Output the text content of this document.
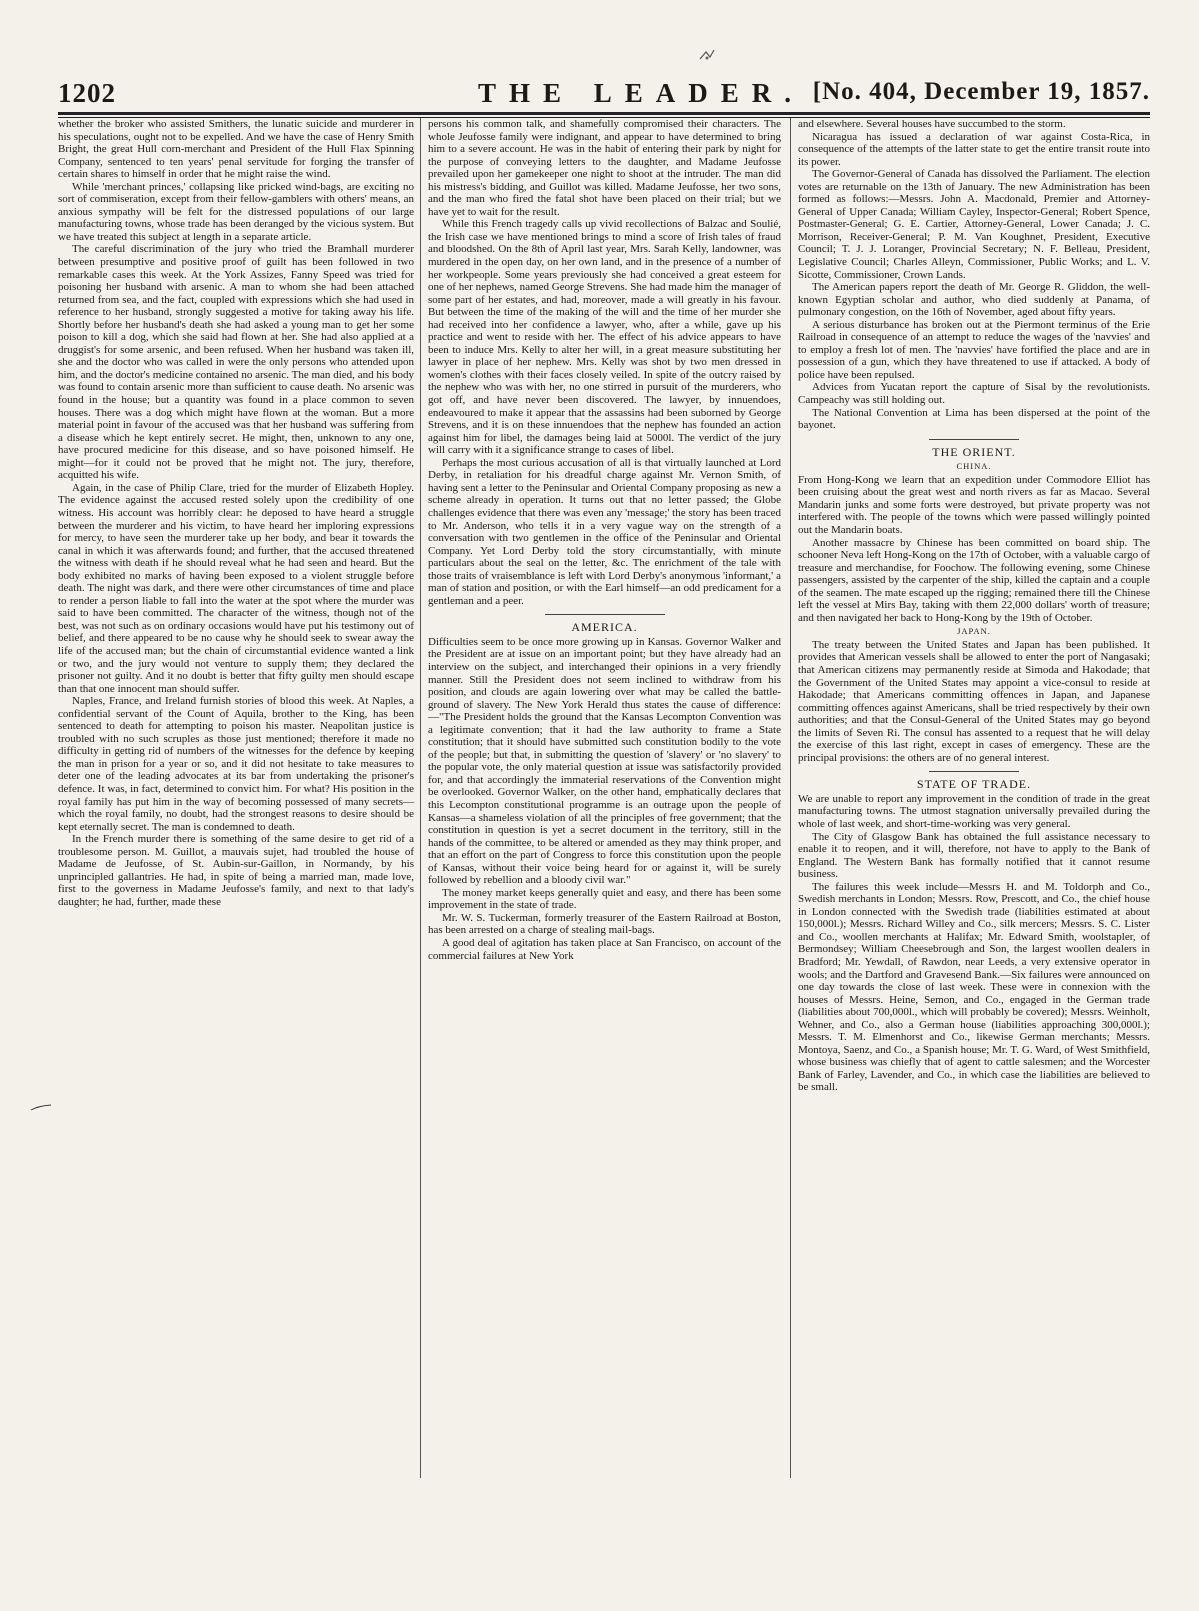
1202	THE LEADER. [No. 404, December 19, 1857.

whether the broker who assisted Smithers, the lunatic suicide and murderer in his speculations, ought not to be expelled. And we have the case of Henry Smith Bright, the great Hull corn-merchant and President of the Hull Flax Spinning Company, sentenced to ten years' penal servitude for forging the transfer of certain shares to himself in order that he might raise the wind.

While 'merchant princes,' collapsing like pricked wind-bags, are exciting no sort of commiseration, except from their fellow-gamblers with others' means, an anxious sympathy will be felt for the distressed populations of our large manufacturing towns, whose trade has been deranged by the vicious system. But we have treated this subject at length in a separate article.

The careful discrimination of the jury who tried the Bramhall murderer between presumptive and positive proof of guilt has been followed in two remarkable cases this week. At the York Assizes, Fanny Speed was tried for poisoning her husband with arsenic. A man to whom she had been attached returned from sea, and the fact, coupled with expressions which she had used in reference to her husband, strongly suggested a motive for taking away his life. Shortly before her husband's death she had asked a young man to get her some poison to kill a dog, which she said had flown at her. She had also applied at a druggist's for some arsenic, and been refused. When her husband was taken ill, she and the doctor who was called in were the only persons who attended upon him, and the doctor's medicine contained no arsenic. The man died, and his body was found to contain arsenic more than sufficient to cause death. No arsenic was found in the house; but a quantity was found in a place common to seven houses. There was a dog which might have flown at the woman. But a more material point in favour of the accused was that her husband was suffering from a disease which he kept entirely secret. He might, then, unknown to any one, have procured medicine for this disease, and so have poisoned himself. He might—for it could not be proved that he might not. The jury, therefore, acquitted his wife.

Again, in the case of Philip Clare, tried for the murder of Elizabeth Hopley. The evidence against the accused rested solely upon the credibility of one witness. His account was horribly clear: he deposed to have heard a struggle between the murderer and his victim, to have heard her imploring expressions for mercy, to have seen the murderer take up her body, and bear it towards the canal in which it was afterwards found; and further, that the accused threatened the witness with death if he should reveal what he had seen and heard. But the body exhibited no marks of having been exposed to a violent struggle before death. The night was dark, and there were other circumstances of time and place to render a person liable to fall into the water at the spot where the murder was said to have been committed. The character of the witness, though not of the best, was not such as on ordinary occasions would have put his testimony out of belief, and there appeared to be no cause why he should seek to swear away the life of the accused man; but the chain of circumstantial evidence wanted a link or two, and the jury would not venture to supply them; they declared the prisoner not guilty. And it no doubt is better that fifty guilty men should escape than that one innocent man should suffer.

Naples, France, and Ireland furnish stories of blood this week. At Naples, a confidential servant of the Count of Aquila, brother to the King, has been sentenced to death for attempting to poison his master. Neapolitan justice is troubled with no such scruples as those just mentioned; therefore it made no difficulty in getting rid of numbers of the witnesses for the defence by keeping the man in prison for a year or so, and it did not hesitate to take measures to deter one of the leading advocates at its bar from undertaking the prisoner's defence. It was, in fact, determined to convict him. For what? His position in the royal family has put him in the way of becoming possessed of many secrets—which the royal family, no doubt, had the strongest reasons to desire should be kept eternally secret. The man is condemned to death.

In the French murder there is something of the same desire to get rid of a troublesome person. M. Guillot, a mauvais sujet, had troubled the house of Madame de Jeufosse, of St. Aubin-sur-Gaillon, in Normandy, by his unprincipled gallantries. He had, in spite of being a married man, made love, first to the governess in Madame Jeufosse's family, and next to that lady's daughter; he had, further, made these

persons his common talk, and shamefully compromised their characters. The whole Jeufosse family were indignant, and appear to have determined to bring him to a severe account. He was in the habit of entering their park by night for the purpose of conveying letters to the daughter, and Madame Jeufosse prevailed upon her gamekeeper one night to shoot at the intruder. The man did his mistress's bidding, and Guillot was killed. Madame Jeufosse, her two sons, and the man who fired the fatal shot have been placed on their trial; but we have yet to wait for the result.

While this French tragedy calls up vivid recollections of Balzac and Soulié, the Irish case we have mentioned brings to mind a score of Irish tales of fraud and bloodshed. On the 8th of April last year, Mrs. Sarah Kelly, landowner, was murdered in the open day, on her own land, and in the presence of a number of her workpeople. Some years previously she had conceived a great esteem for one of her nephews, named George Strevens. She had made him the manager of some part of her estates, and had, moreover, made a will greatly in his favour. But between the time of the making of the will and the time of her murder she had received into her confidence a lawyer, who, after a while, gave up his practice and went to reside with her. The effect of his advice appears to have been to induce Mrs. Kelly to alter her will, in a great measure substituting her lawyer in place of her nephew. Mrs. Kelly was shot by two men dressed in women's clothes with their faces closely veiled. In spite of the outcry raised by the nephew who was with her, no one stirred in pursuit of the murderers, who got off, and have never been discovered. The lawyer, by innuendoes, endeavoured to make it appear that the assassins had been suborned by George Strevens, and it is on these innuendoes that the nephew has founded an action against him for libel, the damages being laid at 5000l. The verdict of the jury will carry with it a significance strange to cases of libel.

Perhaps the most curious accusation of all is that virtually launched at Lord Derby, in retaliation for his dreadful charge against Mr. Vernon Smith, of having sent a letter to the Peninsular and Oriental Company proposing as new a scheme already in operation. It turns out that no letter passed; the Globe challenges evidence that there was even any 'message;' the story has been traced to Mr. Anderson, who tells it in a very vague way on the strength of a conversation with two gentlemen in the office of the Peninsular and Oriental Company. Yet Lord Derby told the story circumstantially, with minute particulars about the seal on the letter, &c. The enrichment of the tale with those traits of vraisemblance is left with Lord Derby's anonymous 'informant,' a man of station and position, or with the Earl himself—an odd predicament for a gentleman and a peer.

AMERICA.

Difficulties seem to be once more growing up in Kansas. Governor Walker and the President are at issue on an important point; but they have already had an interview on the subject, and interchanged their opinions in a very friendly manner. Still the President does not seem inclined to withdraw from his position, and clouds are again lowering over what may be called the battle-ground of slavery. The New York Herald thus states the cause of difference:—"The President holds the ground that the Kansas Lecompton Convention was a legitimate convention; that it had the law authority to frame a State constitution; that it should have submitted such constitution bodily to the vote of the people; but that, in submitting the question of 'slavery' or 'no slavery' to the popular vote, the only material question at issue was satisfactorily provided for, and that accordingly the immaterial reservations of the Convention might be overlooked. Governor Walker, on the other hand, emphatically declares that this Lecompton constitutional programme is an outrage upon the people of Kansas—a shameless violation of all the principles of free government; that the constitution in question is yet a secret document in the territory, still in the hands of the committee, to be altered or amended as they may think proper, and that an effort on the part of Congress to force this constitution upon the people of Kansas, without their voice being heard for or against it, will be surely followed by rebellion and a bloody civil war."

The money market keeps generally quiet and easy, and there has been some improvement in the state of trade.

Mr. W. S. Tuckerman, formerly treasurer of the Eastern Railroad at Boston, has been arrested on a charge of stealing mail-bags.

A good deal of agitation has taken place at San Francisco, on account of the commercial failures at New York

and elsewhere. Several houses have succumbed to the storm.

Nicaragua has issued a declaration of war against Costa-Rica, in consequence of the attempts of the latter state to get the entire transit route into its power.

The Governor-General of Canada has dissolved the Parliament. The election votes are returnable on the 13th of January. The new Administration has been formed as follows:—Messrs. John A. Macdonald, Premier and Attorney-General of Upper Canada; William Cayley, Inspector-General; Robert Spence, Postmaster-General; G. E. Cartier, Attorney-General, Lower Canada; J. C. Morrison, Receiver-General; P. M. Van Koughnet, President, Executive Council; T. J. J. Loranger, Provincial Secretary; N. F. Belleau, President, Legislative Council; Charles Alleyn, Commissioner, Public Works; and L. V. Sicotte, Commissioner, Crown Lands.

The American papers report the death of Mr. George R. Gliddon, the well-known Egyptian scholar and author, who died suddenly at Panama, of pulmonary congestion, on the 16th of November, aged about fifty years.

A serious disturbance has broken out at the Piermont terminus of the Erie Railroad in consequence of an attempt to reduce the wages of the 'navvies' and to employ a fresh lot of men. The 'navvies' have fortified the place and are in possession of a gun, which they have threatened to use if attacked. A body of police have been repulsed.

Advices from Yucatan report the capture of Sisal by the revolutionists. Campeachy was still holding out.

The National Convention at Lima has been dispersed at the point of the bayonet.

THE ORIENT.
CHINA.

From Hong-Kong we learn that an expedition under Commodore Elliot has been cruising about the great west and north rivers as far as Macao. Several Mandarin junks and some forts were destroyed, but private property was not interfered with. The people of the towns which were passed willingly pointed out the Mandarin boats.

Another massacre by Chinese has been committed on board ship. The schooner Neva left Hong-Kong on the 17th of October, with a valuable cargo of treasure and merchandise, for Foochow. The following evening, some Chinese passengers, assisted by the carpenter of the ship, killed the captain and a couple of the seamen. The mate escaped up the rigging; remained there till the Chinese left the vessel at Mirs Bay, taking with them 22,000 dollars' worth of treasure; and then navigated her back to Hong-Kong by the 19th of October.

JAPAN.

The treaty between the United States and Japan has been published. It provides that American vessels shall be allowed to enter the port of Nangasaki; that American citizens may permanently reside at Simoda and Hakodade; that the Government of the United States may appoint a vice-consul to reside at Hakodade; that Americans committing offences in Japan, and Japanese committing offences against Americans, shall be tried respectively by their own authorities; and that the Consul-General of the United States may go beyond the limits of Seven Ri. The consul has assented to a request that he will delay the exercise of this last right, except in cases of emergency. These are the principal provisions: the others are of no general interest.

STATE OF TRADE.

We are unable to report any improvement in the condition of trade in the great manufacturing towns. The utmost stagnation universally prevailed during the whole of last week, and short-time-working was very general.

The City of Glasgow Bank has obtained the full assistance necessary to enable it to reopen, and it will, therefore, not have to apply to the Bank of England. The Western Bank has formally notified that it cannot resume business.

The failures this week include—Messrs H. and M. Toldorph and Co., Swedish merchants in London; Messrs. Row, Prescott, and Co., the chief house in London connected with the Swedish trade (liabilities estimated at about 150,000l.); Messrs. Richard Willey and Co., silk mercers; Messrs. S. C. Lister and Co., woollen merchants at Halifax; Mr. Edward Smith, woolstapler, of Bermondsey; William Cheesebrough and Son, the largest woollen dealers in Bradford; Mr. Yewdall, of Rawdon, near Leeds, a very extensive operator in wools; and the Dartford and Gravesend Bank.—Six failures were announced on one day towards the close of last week. These were in connexion with the houses of Messrs. Heine, Semon, and Co., engaged in the German trade (liabilities about 700,000l., which will probably be covered); Messrs. Weinholt, Wehner, and Co., also a German house (liabilities approaching 300,000l.); Messrs. T. M. Elmenhorst and Co., likewise German merchants; Messrs. Montoya, Saenz, and Co., a Spanish house; Mr. T. G. Ward, of West Smithfield, whose business was chiefly that of agent to cattle salesmen; and the Worcester Bank of Farley, Lavender, and Co., in which case the liabilities are believed to be small.
